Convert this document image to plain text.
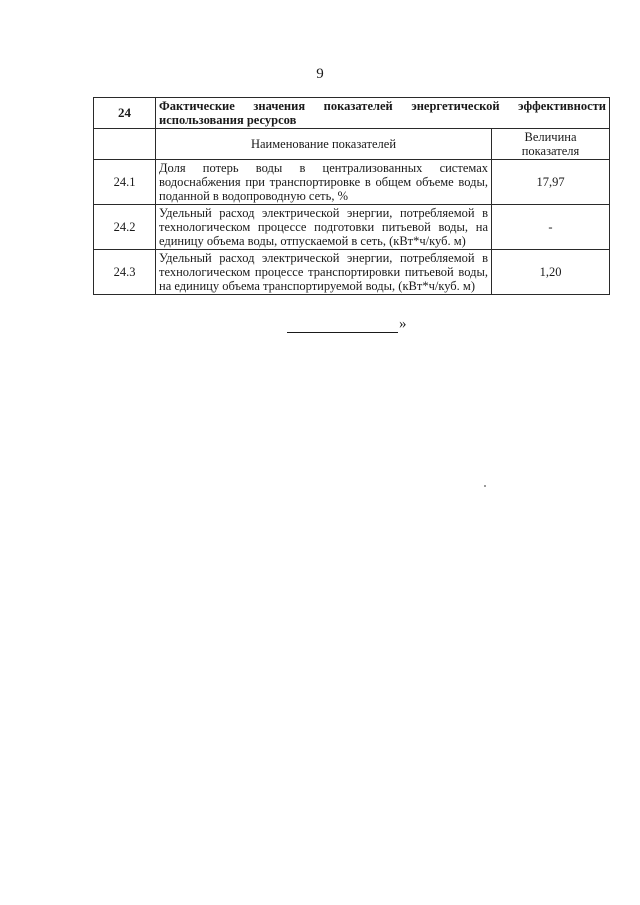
9
24	Фактические значения показателей энергетической эффективности использования ресурсов	
	Наименование показателей	Величина показателя
24.1	Доля потерь воды в централизованных системах водоснабжения при транспортировке в общем объеме воды, поданной в водопроводную сеть, %	17,97
24.2	Удельный расход электрической энергии, потребляемой в технологическом процессе подготовки питьевой воды, на единицу объема воды, отпускаемой в сеть, (кВт*ч/куб. м)	-
24.3	Удельный расход электрической энергии, потребляемой в технологическом процессе транспортировки питьевой воды, на единицу объема транспортируемой воды, (кВт*ч/куб. м)	1,20
»
